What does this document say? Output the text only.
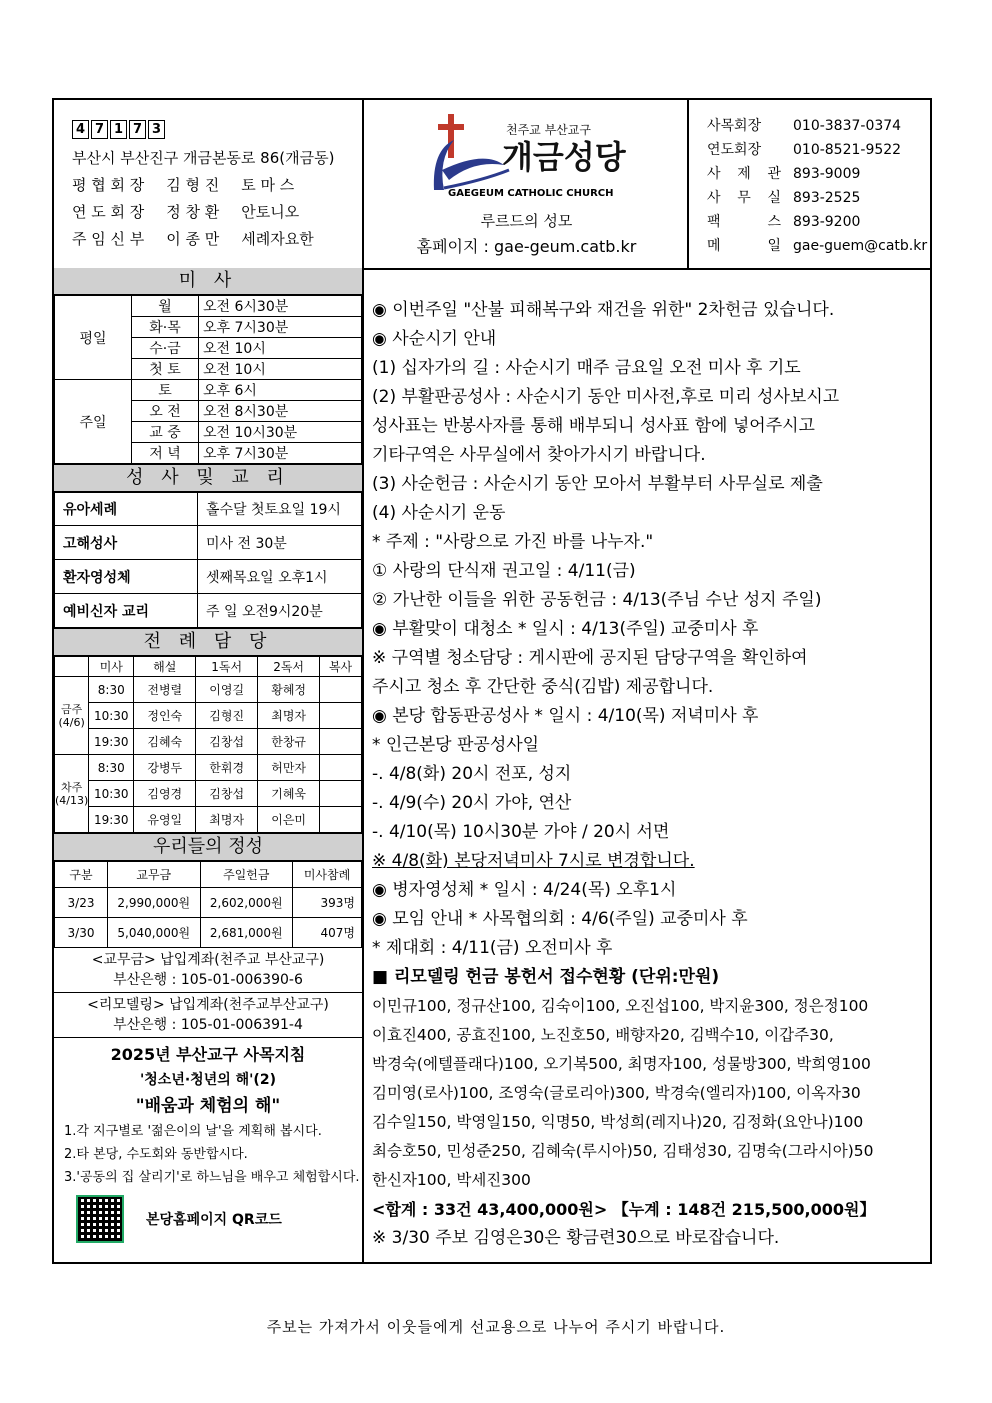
4 7 1 7 3
부산시 부산진구 개금본동로 86(개금동)
평 협 회 장 김 형 진 토 마 스
연 도 회 장 정 창 환 안토니오
주 임 신 부 이 종 만 세례자요한
천주교 부산교구
개금성당
GAEGEUM CATHOLIC CHURCH
루르드의 성모
홈페이지 : gae-geum.catb.kr
사목회장	010-3837-0374
연도회장	010-8521-9522
사 제 관 893-9009
사 무 실 893-2525
팩 스 893-9200
메 일 gae-guem@catb.kr
미 사
평일	월	오전 6시30분
	화·목	오후 7시30분
	수·금	오전 10시
	첫 토	오전 10시
주일	토	오후 6시
	오 전	오전 8시30분
	교 중	오전 10시30분
	저 녁	오후 7시30분
성 사 및 교 리
유아세례	홀수달 첫토요일 19시
고해성사	미사 전 30분
환자영성체	셋째목요일 오후1시
예비신자 교리	주 일 오전9시20분
전 례 담 당
	미사	해설	1독서	2독서	복사
금주(4/6)	8:30	전병렬	이영길	황혜정	
	10:30	정인숙	김형진	최명자	
	19:30	김혜숙	김창섭	한창규	
차주(4/13)	8:30	강병두	한휘경	허만자	
	10:30	김영경	김창섭	기혜욱	
	19:30	유영일	최명자	이은미	
우리들의 정성
구분	교무금	주일헌금	미사참례
3/23	2,990,000원	2,602,000원	393명
3/30	5,040,000원	2,681,000원	407명
<교무금> 납입계좌(천주교 부산교구)
부산은행 : 105-01-006390-6
<리모델링> 납입계좌(천주교부산교구)
부산은행 : 105-01-006391-4
2025년 부산교구 사목지침
'청소년·청년의 해'(2)
"배움과 체험의 해"
1.각 지구별로 '젊은이의 날'을 계획해 봅시다.
2.타 본당, 수도회와 동반합시다.
3.'공동의 집 살리기'로 하느님을 배우고 체험합시다.
본당홈페이지 QR코드
◉ 이번주일 "산불 피해복구와 재건을 위한" 2차헌금 있습니다.
◉ 사순시기 안내
(1) 십자가의 길 : 사순시기 매주 금요일 오전 미사 후 기도
(2) 부활판공성사 : 사순시기 동안 미사전,후로 미리 성사보시고
성사표는 반봉사자를 통해 배부되니 성사표 함에 넣어주시고
기타구역은 사무실에서 찾아가시기 바랍니다.
(3) 사순헌금 : 사순시기 동안 모아서 부활부터 사무실로 제출
(4) 사순시기 운동
* 주제 : "사랑으로 가진 바를 나누자."
① 사랑의 단식재 권고일 : 4/11(금)
② 가난한 이들을 위한 공동헌금 : 4/13(주님 수난 성지 주일)
◉ 부활맞이 대청소 * 일시 : 4/13(주일) 교중미사 후
※ 구역별 청소담당 : 게시판에 공지된 담당구역을 확인하여
주시고 청소 후 간단한 중식(김밥) 제공합니다.
◉ 본당 합동판공성사 * 일시 : 4/10(목) 저녁미사 후
* 인근본당 판공성사일
-. 4/8(화) 20시 전포, 성지
-. 4/9(수) 20시 가야, 연산
-. 4/10(목) 10시30분 가야 / 20시 서면
※ 4/8(화) 본당저녁미사 7시로 변경합니다.
◉ 병자영성체 * 일시 : 4/24(목) 오후1시
◉ 모임 안내 * 사목협의회 : 4/6(주일) 교중미사 후
* 제대회 : 4/11(금) 오전미사 후
■ 리모델링 헌금 봉헌서 접수현황 (단위:만원)
이민규100, 정규산100, 김숙이100, 오진섭100, 박지윤300, 정은정100
이효진400, 공효진100, 노진호50, 배향자20, 김백수10, 이갑주30,
박경숙(에텔플래다)100, 오기복500, 최명자100, 성물방300, 박희영100
김미영(로사)100, 조영숙(글로리아)300, 박경숙(엘리자)100, 이옥자30
김수일150, 박영일150, 익명50, 박성희(레지나)20, 김정화(요안나)100
최승호50, 민성준250, 김혜숙(루시아)50, 김태성30, 김명숙(그라시아)50
한신자100, 박세진300
<합계 : 33건 43,400,000원> 【누계 : 148건 215,500,000원】
※ 3/30 주보 김영은30은 황금련30으로 바로잡습니다.
주보는 가져가서 이웃들에게 선교용으로 나누어 주시기 바랍니다.
